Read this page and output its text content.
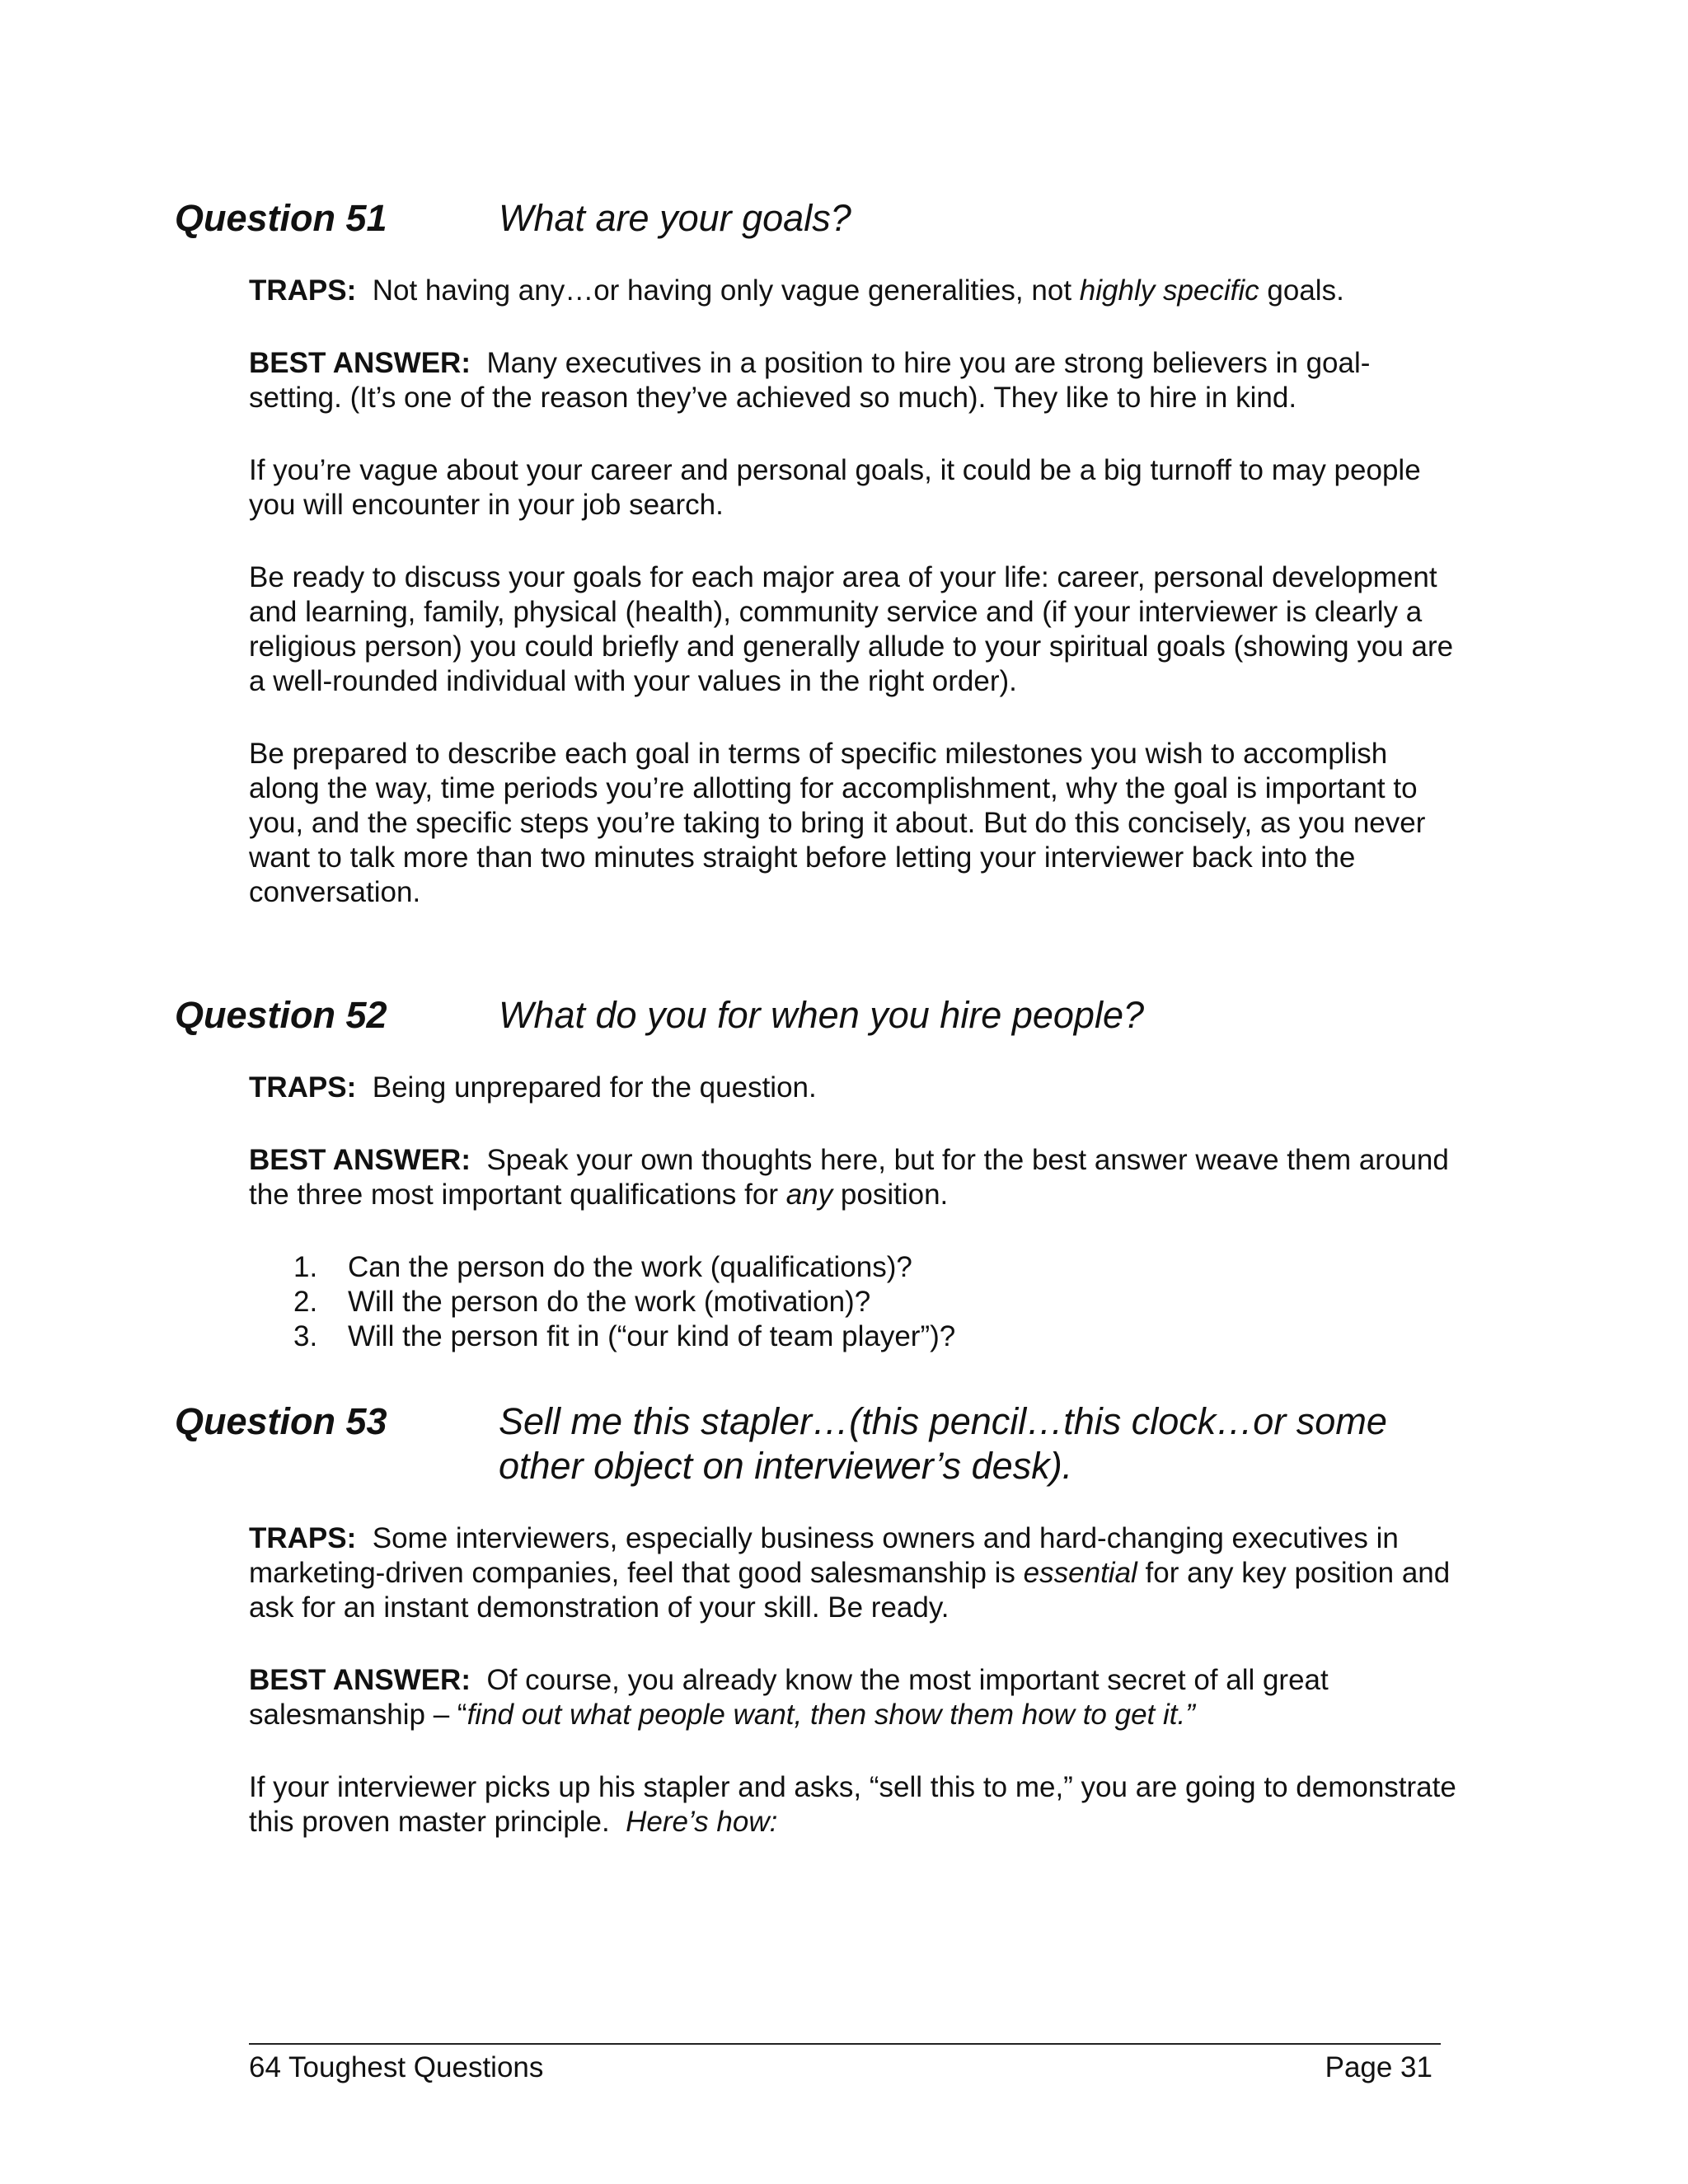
Question 51	What are your goals?

TRAPS: Not having any…or having only vague generalities, not highly specific goals.

BEST ANSWER: Many executives in a position to hire you are strong believers in goal-setting. (It’s one of the reason they’ve achieved so much). They like to hire in kind.

If you’re vague about your career and personal goals, it could be a big turnoff to may people you will encounter in your job search.

Be ready to discuss your goals for each major area of your life: career, personal development and learning, family, physical (health), community service and (if your interviewer is clearly a religious person) you could briefly and generally allude to your spiritual goals (showing you are a well-rounded individual with your values in the right order).

Be prepared to describe each goal in terms of specific milestones you wish to accomplish along the way, time periods you’re allotting for accomplishment, why the goal is important to you, and the specific steps you’re taking to bring it about. But do this concisely, as you never want to talk more than two minutes straight before letting your interviewer back into the conversation.

Question 52	What do you for when you hire people?

TRAPS: Being unprepared for the question.

BEST ANSWER: Speak your own thoughts here, but for the best answer weave them around the three most important qualifications for any position.

1. Can the person do the work (qualifications)?
2. Will the person do the work (motivation)?
3. Will the person fit in (“our kind of team player”)?
Question 53	Sell me this stapler…(this pencil…this clock…or some
other object on interviewer’s desk).

TRAPS: Some interviewers, especially business owners and hard-changing executives in marketing-driven companies, feel that good salesmanship is essential for any key position and ask for an instant demonstration of your skill. Be ready.

BEST ANSWER: Of course, you already know the most important secret of all great salesmanship – “find out what people want, then show them how to get it.”

If your interviewer picks up his stapler and asks, “sell this to me,” you are going to demonstrate this proven master principle. Here’s how:

64 Toughest Questions	Page 31
